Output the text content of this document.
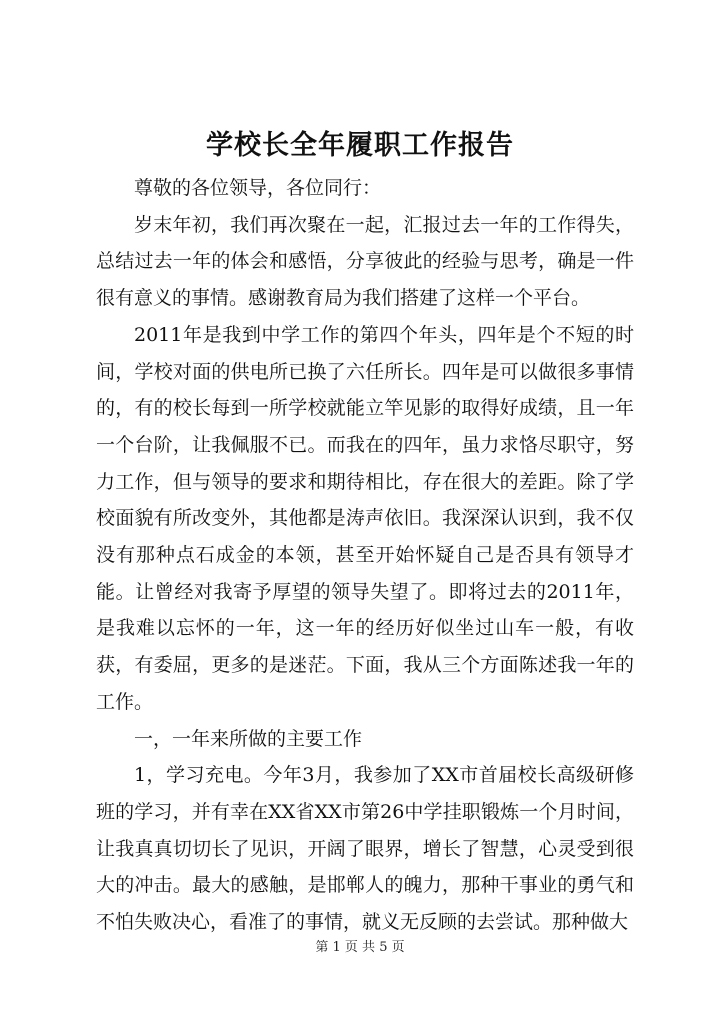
学校长全年履职工作报告

尊敬的各位领导，各位同行：

岁末年初，我们再次聚在一起，汇报过去一年的工作得失，总结过去一年的体会和感悟，分享彼此的经验与思考，确是一件很有意义的事情。感谢教育局为我们搭建了这样一个平台。

2011年是我到中学工作的第四个年头，四年是个不短的时间，学校对面的供电所已换了六任所长。四年是可以做很多事情的，有的校长每到一所学校就能立竿见影的取得好成绩，且一年一个台阶，让我佩服不已。而我在的四年，虽力求恪尽职守，努力工作，但与领导的要求和期待相比，存在很大的差距。除了学校面貌有所改变外，其他都是涛声依旧。我深深认识到，我不仅没有那种点石成金的本领，甚至开始怀疑自己是否具有领导才能。让曾经对我寄予厚望的领导失望了。即将过去的2011年，是我难以忘怀的一年，这一年的经历好似坐过山车一般，有收获，有委屈，更多的是迷茫。下面，我从三个方面陈述我一年的工作。

一，一年来所做的主要工作

1，学习充电。今年3月，我参加了XX市首届校长高级研修班的学习，并有幸在XX省XX市第26中学挂职锻炼一个月时间，让我真真切切长了见识，开阔了眼界，增长了智慧，心灵受到很大的冲击。最大的感触，是邯郸人的魄力，那种干事业的勇气和不怕失败决心，看准了的事情，就义无反顾的去尝试。那种做大

第 1 页 共 5 页
